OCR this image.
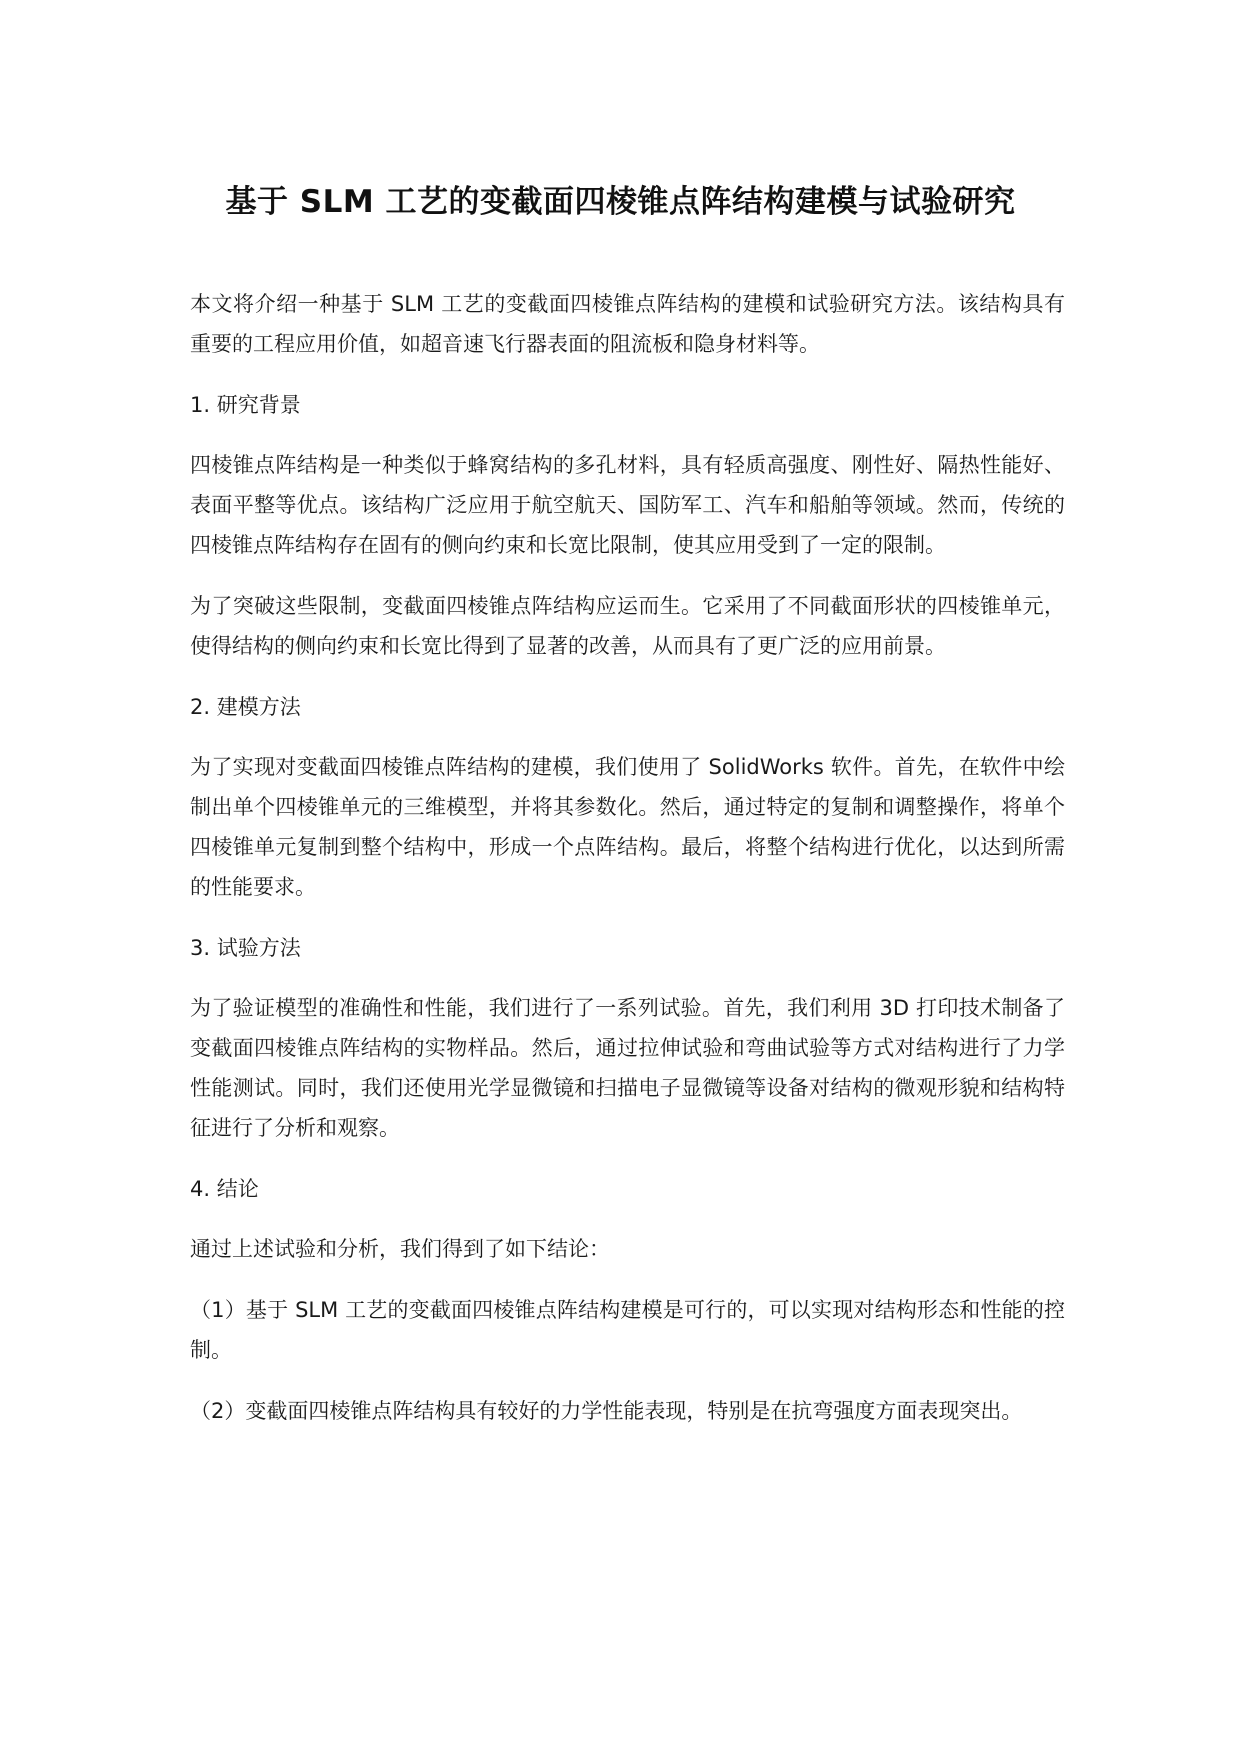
基于 SLM 工艺的变截面四棱锥点阵结构建模与试验研究

本文将介绍一种基于 SLM 工艺的变截面四棱锥点阵结构的建模和试验研究方法。该结构具有重要的工程应用价值，如超音速飞行器表面的阻流板和隐身材料等。

1. 研究背景

四棱锥点阵结构是一种类似于蜂窝结构的多孔材料，具有轻质高强度、刚性好、隔热性能好、表面平整等优点。该结构广泛应用于航空航天、国防军工、汽车和船舶等领域。然而，传统的四棱锥点阵结构存在固有的侧向约束和长宽比限制，使其应用受到了一定的限制。

为了突破这些限制，变截面四棱锥点阵结构应运而生。它采用了不同截面形状的四棱锥单元，使得结构的侧向约束和长宽比得到了显著的改善，从而具有了更广泛的应用前景。

2. 建模方法

为了实现对变截面四棱锥点阵结构的建模，我们使用了 SolidWorks 软件。首先，在软件中绘制出单个四棱锥单元的三维模型，并将其参数化。然后，通过特定的复制和调整操作，将单个四棱锥单元复制到整个结构中，形成一个点阵结构。最后，将整个结构进行优化，以达到所需的性能要求。

3. 试验方法

为了验证模型的准确性和性能，我们进行了一系列试验。首先，我们利用 3D 打印技术制备了变截面四棱锥点阵结构的实物样品。然后，通过拉伸试验和弯曲试验等方式对结构进行了力学性能测试。同时，我们还使用光学显微镜和扫描电子显微镜等设备对结构的微观形貌和结构特征进行了分析和观察。

4. 结论

通过上述试验和分析，我们得到了如下结论：

（1）基于 SLM 工艺的变截面四棱锥点阵结构建模是可行的，可以实现对结构形态和性能的控制。

（2）变截面四棱锥点阵结构具有较好的力学性能表现，特别是在抗弯强度方面表现突出。
